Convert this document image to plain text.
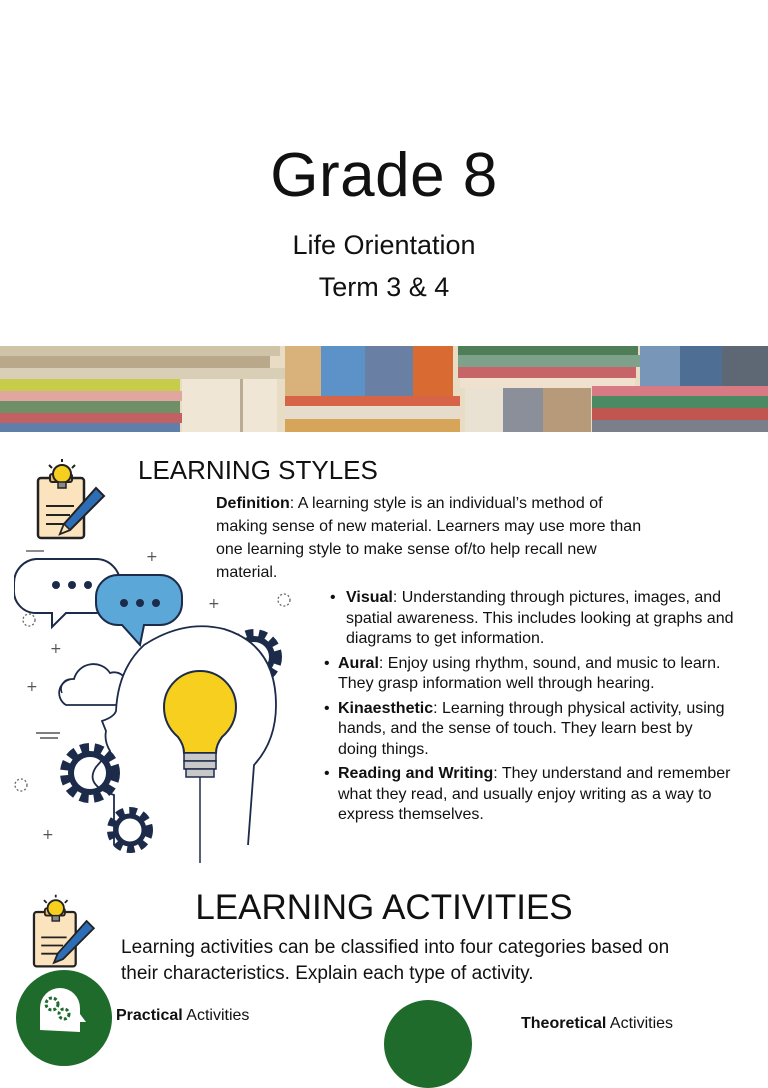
Grade 8
Life Orientation
Term 3 & 4
LEARNING STYLES
Definition: A learning style is an individual’s method of making sense of new material. Learners may use more than one learning style to make sense of/to help recall new material.
+
+
+
+
+
• Visual: Understanding through pictures, images, and spatial awareness. This includes looking at graphs and diagrams to get information.
• Aural: Enjoy using rhythm, sound, and music to learn. They grasp information well through hearing.
• Kinaesthetic: Learning through physical activity, using hands, and the sense of touch. They learn best by doing things.
• Reading and Writing: They understand and remember what they read, and usually enjoy writing as a way to express themselves.
LEARNING ACTIVITIES
Learning activities can be classified into four categories based on their characteristics. Explain each type of activity.
Practical Activities	Theoretical Activities
